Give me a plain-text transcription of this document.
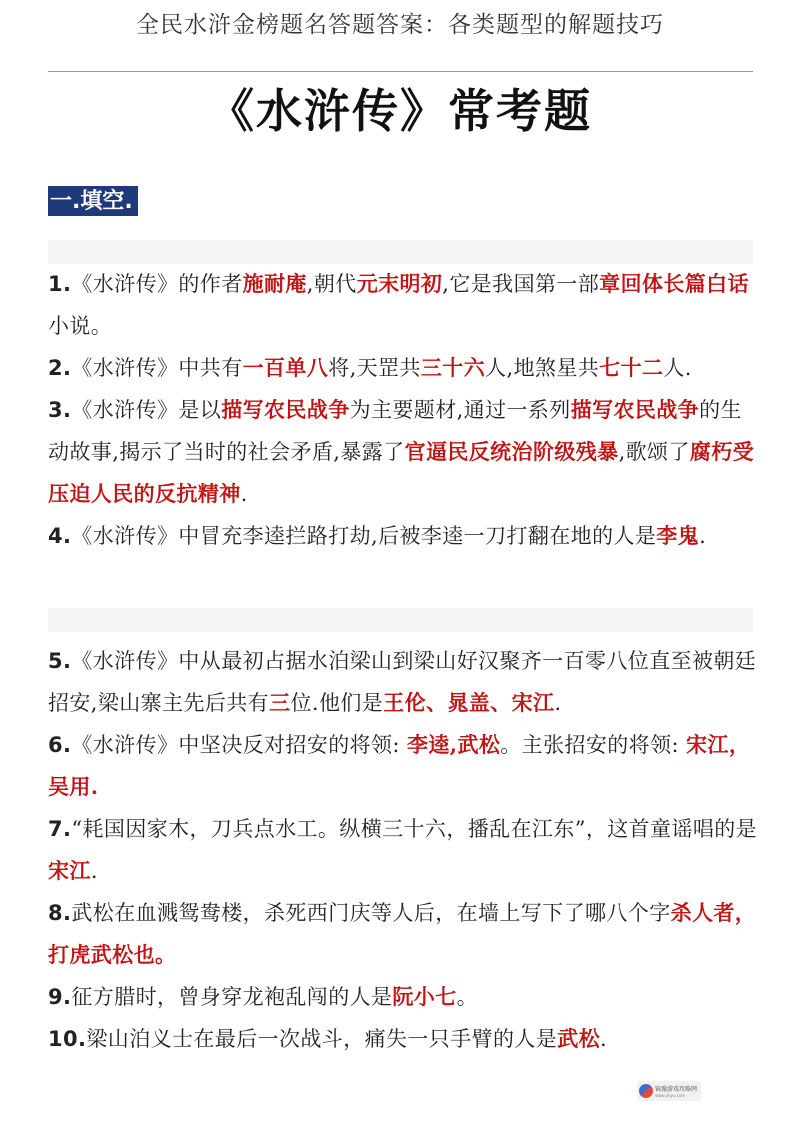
全民水浒金榜题名答题答案：各类题型的解题技巧
《水浒传》常考题
一.填空.

1.《水浒传》的作者施耐庵,朝代元末明初,它是我国第一部章回体长篇白话小说。

2.《水浒传》中共有一百单八将,天罡共三十六人,地煞星共七十二人.

3.《水浒传》是以描写农民战争为主要题材,通过一系列描写农民战争的生动故事,揭示了当时的社会矛盾,暴露了官逼民反统治阶级残暴,歌颂了腐朽受压迫人民的反抗精神.

4.《水浒传》中冒充李逵拦路打劫,后被李逵一刀打翻在地的人是李鬼.

5.《水浒传》中从最初占据水泊梁山到梁山好汉聚齐一百零八位直至被朝廷招安,梁山寨主先后共有三位.他们是王伦、晁盖、宋江.

6.《水浒传》中坚决反对招安的将领: 李逵,武松。主张招安的将领: 宋江，吴用.

7.“耗国因家木，刀兵点水工。纵横三十六，播乱在江东”，这首童谣唱的是宋江.

8.武松在血溅鸳鸯楼，杀死西门庆等人后，在墙上写下了哪八个字杀人者，打虎武松也。

9.征方腊时，曾身穿龙袍乱闯的人是阮小七。

10.梁山泊义士在最后一次战斗，痛失一只手臂的人是武松.

锦豫游戏攻略网
www.jinyu.com
